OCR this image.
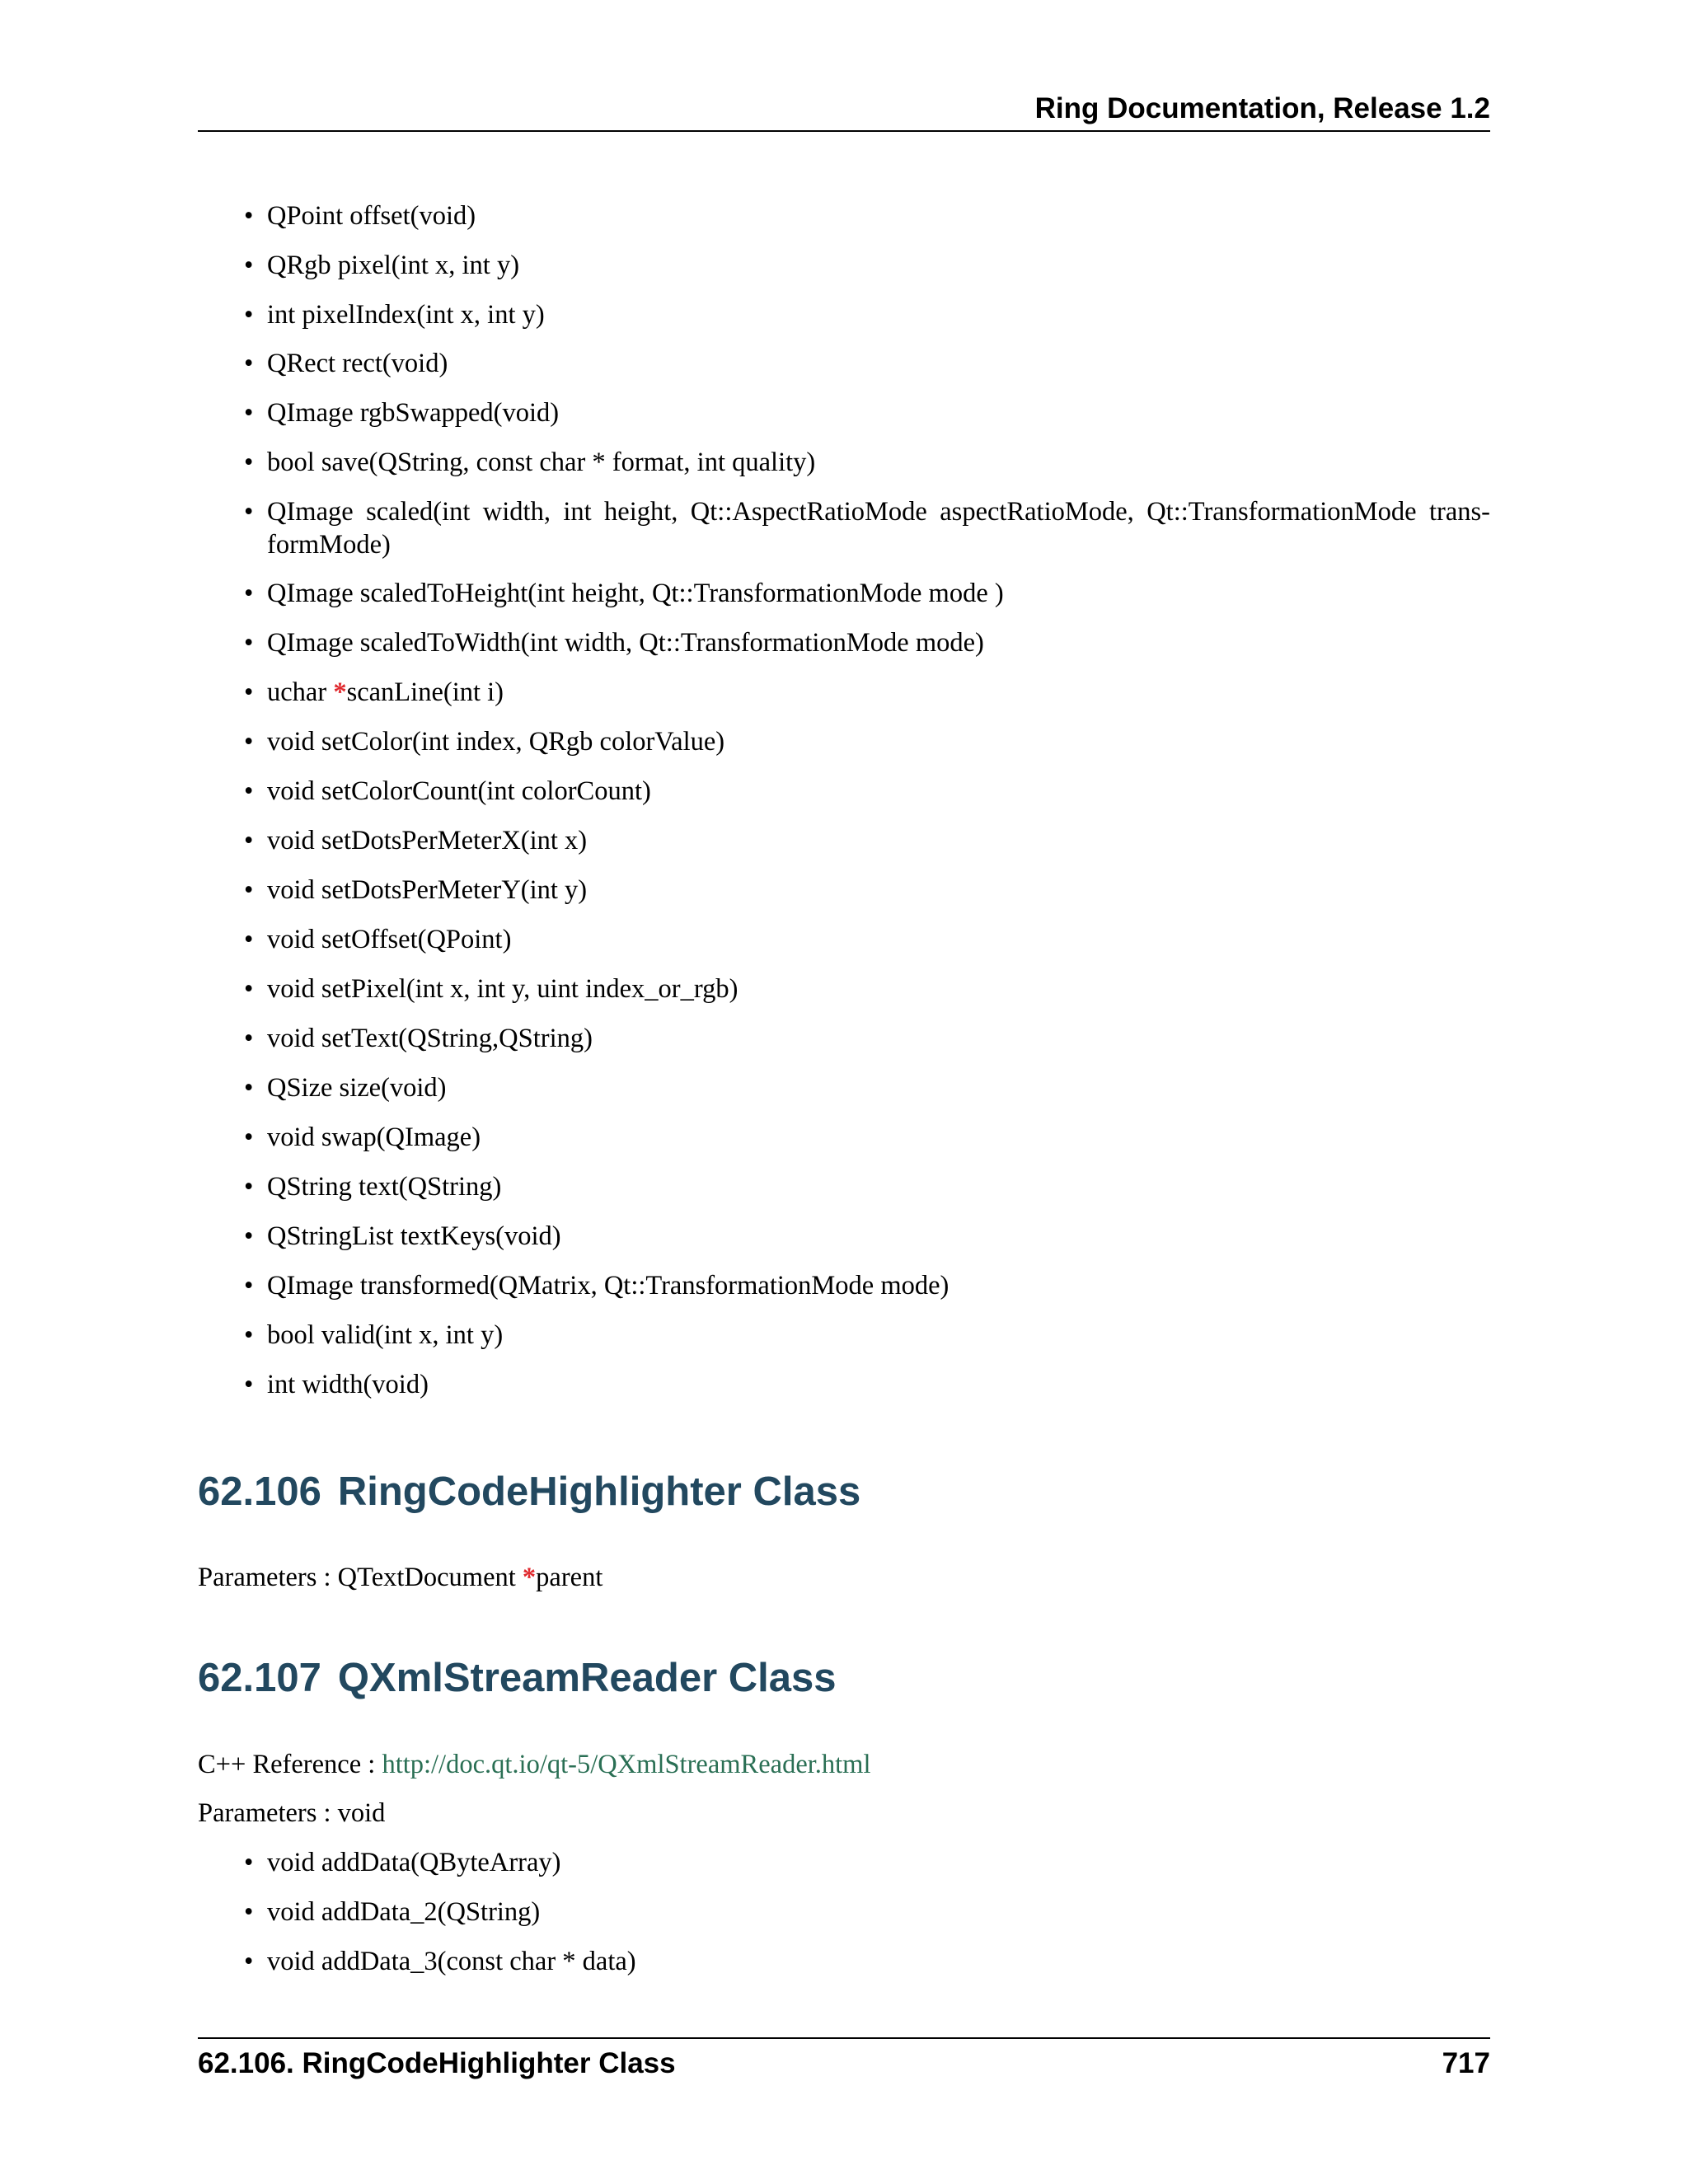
Ring Documentation, Release 1.2
• QPoint offset(void)
• QRgb pixel(int x, int y)
• int pixelIndex(int x, int y)
• QRect rect(void)
• QImage rgbSwapped(void)
• bool save(QString, const char * format, int quality)
• QImage scaled(int width, int height, Qt::AspectRatioMode aspectRatioMode, Qt::TransformationMode trans-formMode)
• QImage scaledToHeight(int height, Qt::TransformationMode mode )
• QImage scaledToWidth(int width, Qt::TransformationMode mode)
• uchar *scanLine(int i)
• void setColor(int index, QRgb colorValue)
• void setColorCount(int colorCount)
• void setDotsPerMeterX(int x)
• void setDotsPerMeterY(int y)
• void setOffset(QPoint)
• void setPixel(int x, int y, uint index_or_rgb)
• void setText(QString,QString)
• QSize size(void)
• void swap(QImage)
• QString text(QString)
• QStringList textKeys(void)
• QImage transformed(QMatrix, Qt::TransformationMode mode)
• bool valid(int x, int y)
• int width(void)
62.106 RingCodeHighlighter Class
Parameters : QTextDocument *parent
62.107 QXmlStreamReader Class
C++ Reference : http://doc.qt.io/qt-5/QXmlStreamReader.html
Parameters : void
• void addData(QByteArray)
• void addData_2(QString)
• void addData_3(const char * data)
62.106. RingCodeHighlighter Class	717
